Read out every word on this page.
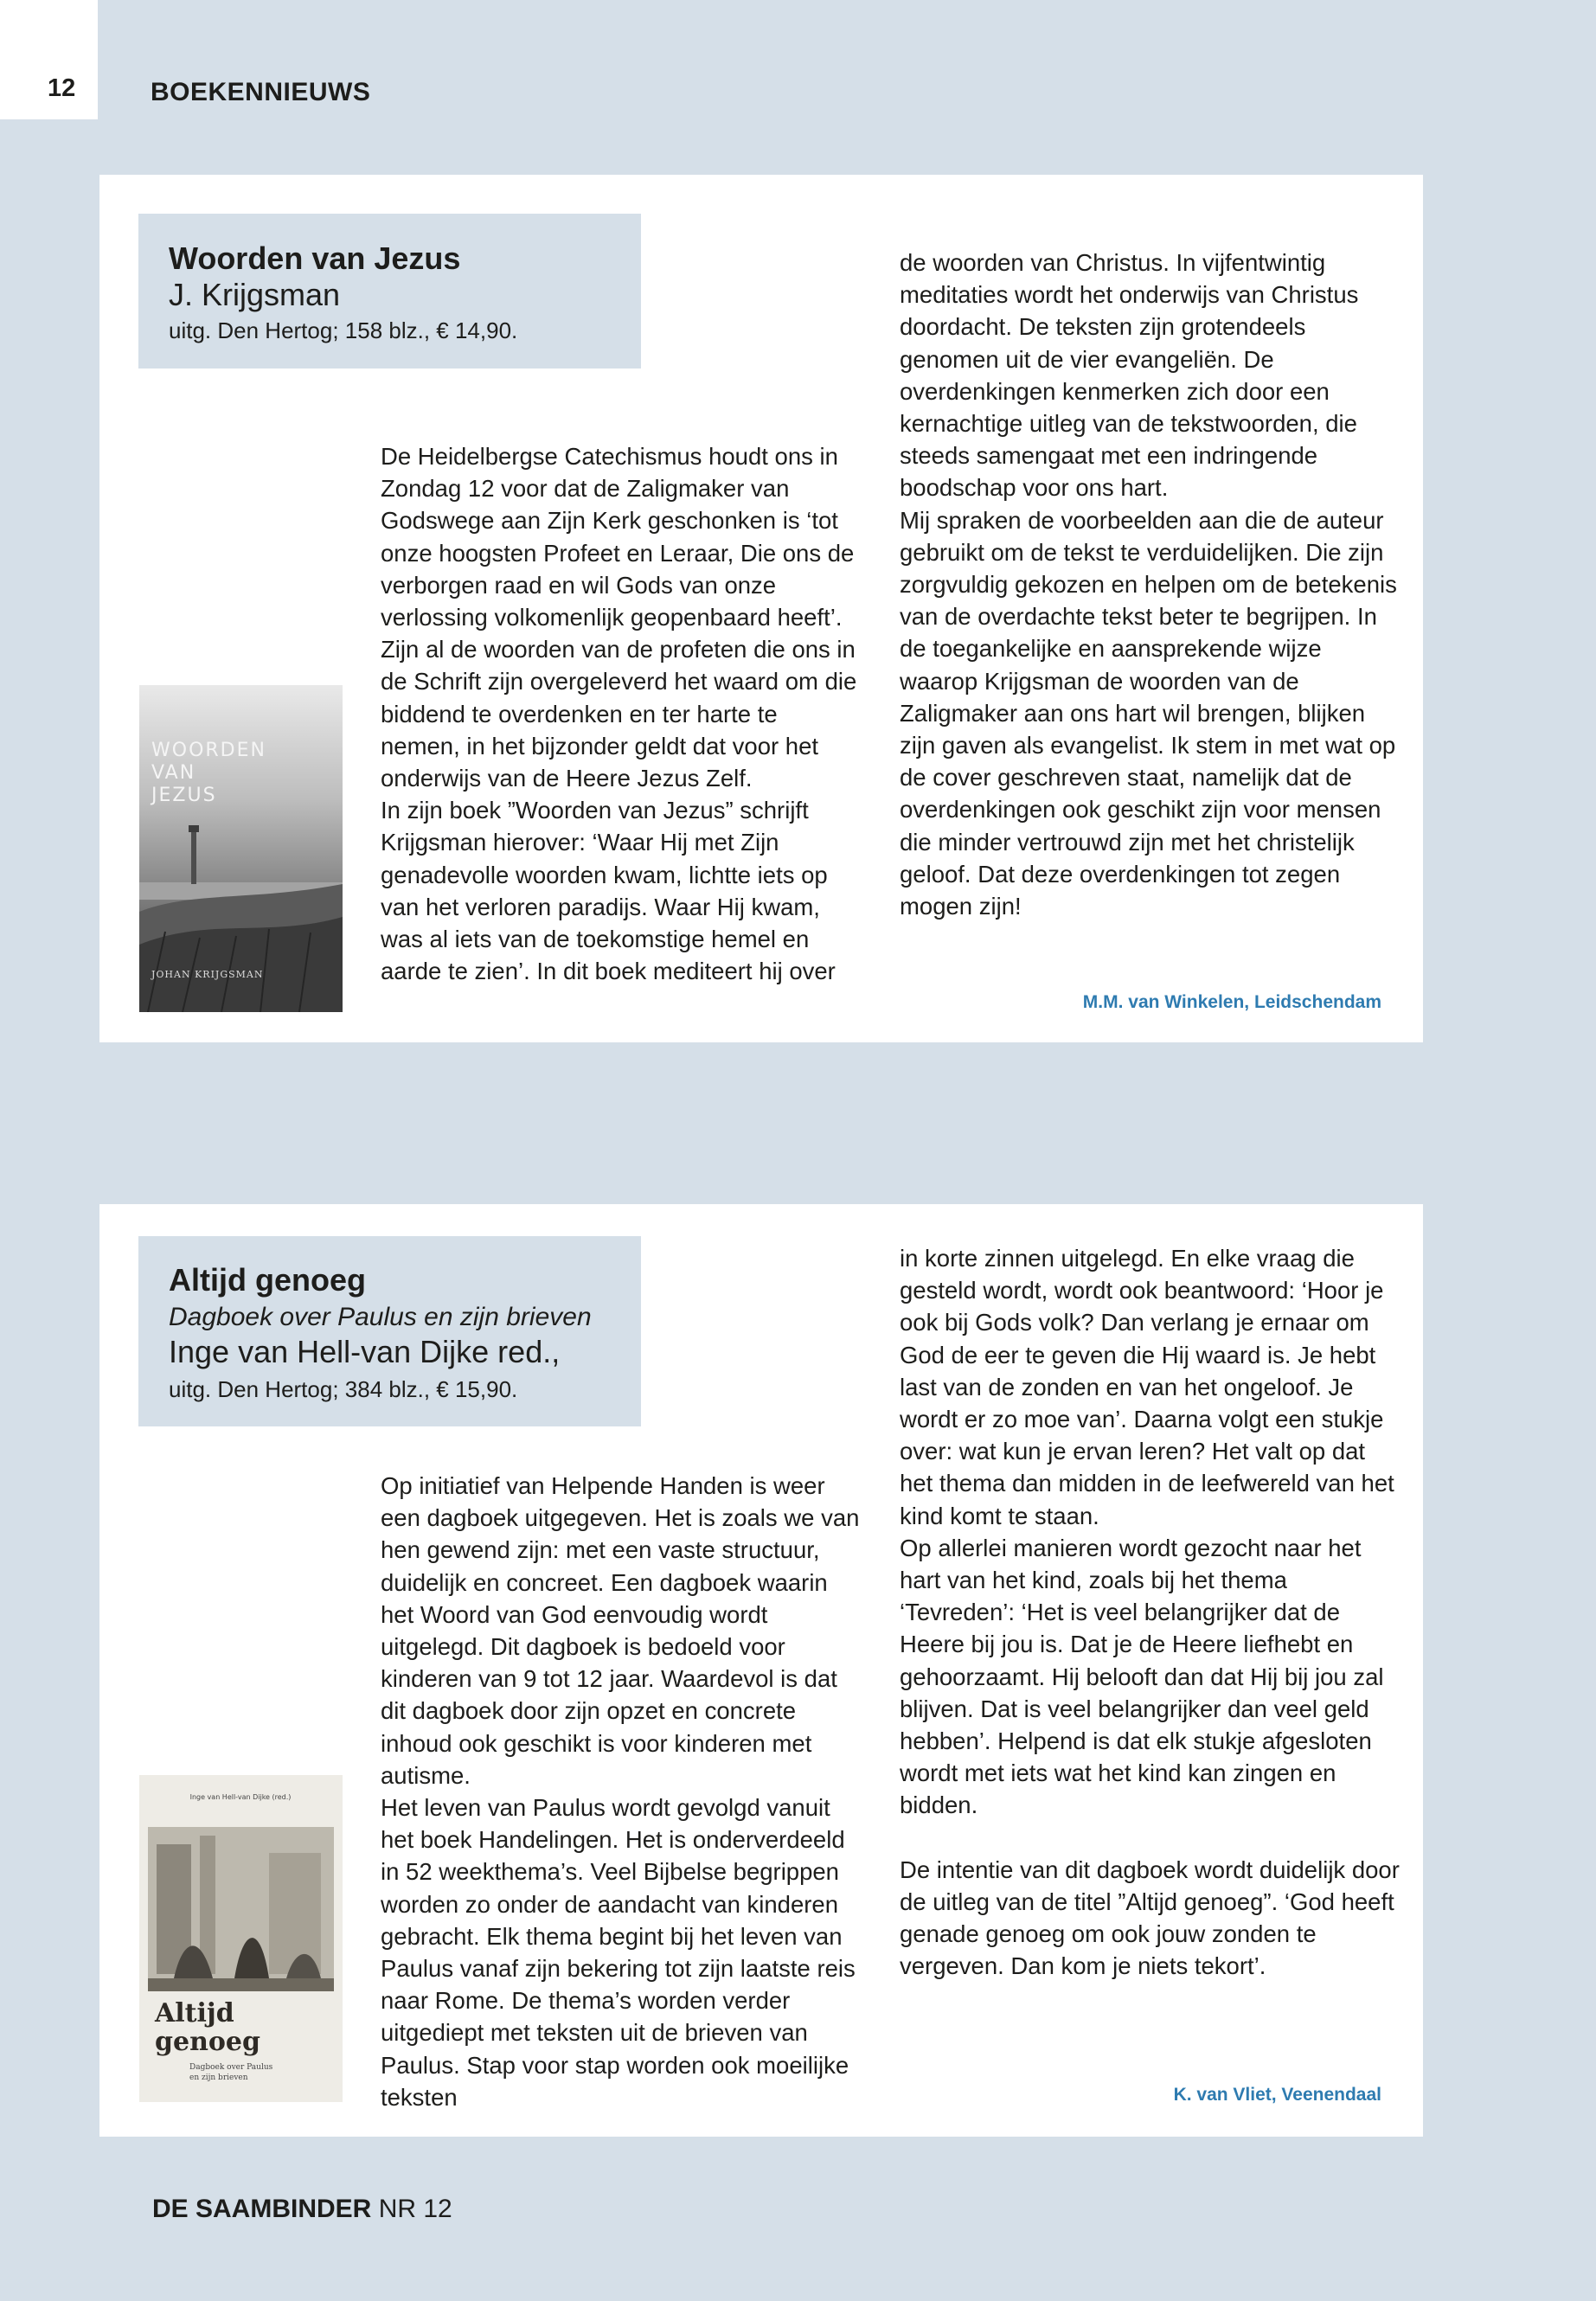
12	BOEKENNIEUWS
Woorden van Jezus
J. Krijgsman
uitg. Den Hertog; 158 blz., € 14,90.
WOORDEN
VAN
JEZUS
JOHAN KRIJGSMAN

De Heidelbergse Catechismus houdt ons in Zondag 12 voor dat de Zaligmaker van Godswege aan Zijn Kerk geschonken is ‘tot onze hoogsten Profeet en Leraar, Die ons de verborgen raad en wil Gods van onze verlossing volkomenlijk geopenbaard heeft’. Zijn al de woorden van de profeten die ons in de Schrift zijn overgeleverd het waard om die biddend te overdenken en ter harte te nemen, in het bijzonder geldt dat voor het onderwijs van de Heere Jezus Zelf.

In zijn boek ”Woorden van Jezus” schrijft Krijgsman hierover: ‘Waar Hij met Zijn genadevolle woorden kwam, lichtte iets op van het verloren paradijs. Waar Hij kwam, was al iets van de toekomstige hemel en aarde te zien’. In dit boek mediteert hij over

de woorden van Christus. In vijfentwintig meditaties wordt het onderwijs van Christus doordacht. De teksten zijn grotendeels genomen uit de vier evangeliën. De overdenkingen kenmerken zich door een kernachtige uitleg van de tekstwoorden, die steeds samengaat met een indringende boodschap voor ons hart.

Mij spraken de voorbeelden aan die de auteur gebruikt om de tekst te verduidelijken. Die zijn zorgvuldig gekozen en helpen om de betekenis van de overdachte tekst beter te begrijpen. In de toegankelijke en aansprekende wijze waarop Krijgsman de woorden van de Zaligmaker aan ons hart wil brengen, blijken zijn gaven als evangelist. Ik stem in met wat op de cover geschreven staat, namelijk dat de overdenkingen ook geschikt zijn voor mensen die minder vertrouwd zijn met het christelijk geloof. Dat deze overdenkingen tot zegen mogen zijn!

M.M. van Winkelen, Leidschendam
Altijd genoeg
Dagboek over Paulus en zijn brieven
Inge van Hell-van Dijke red.,
uitg. Den Hertog; 384 blz., € 15,90.
Inge van Hell-van Dijke (red.)
Altijd
genoeg
Dagboek over Paulus
en zijn brieven

Op initiatief van Helpende Handen is weer een dagboek uitgegeven. Het is zoals we van hen gewend zijn: met een vaste structuur, duidelijk en concreet. Een dagboek waarin het Woord van God eenvoudig wordt uitgelegd. Dit dagboek is bedoeld voor kinderen van 9 tot 12 jaar. Waardevol is dat dit dagboek door zijn opzet en concrete inhoud ook geschikt is voor kinderen met autisme.

Het leven van Paulus wordt gevolgd vanuit het boek Handelingen. Het is onderverdeeld in 52 weekthema’s. Veel Bijbelse begrippen worden zo onder de aandacht van kinderen gebracht. Elk thema begint bij het leven van Paulus vanaf zijn bekering tot zijn laatste reis naar Rome. De thema’s worden verder uitgediept met teksten uit de brieven van Paulus. Stap voor stap worden ook moeilijke teksten

in korte zinnen uitgelegd. En elke vraag die gesteld wordt, wordt ook beantwoord: ‘Hoor je ook bij Gods volk? Dan verlang je ernaar om God de eer te geven die Hij waard is. Je hebt last van de zonden en van het ongeloof. Je wordt er zo moe van’. Daarna volgt een stukje over: wat kun je ervan leren? Het valt op dat het thema dan midden in de leefwereld van het kind komt te staan.

Op allerlei manieren wordt gezocht naar het hart van het kind, zoals bij het thema ‘Tevreden’: ‘Het is veel belangrijker dat de Heere bij jou is. Dat je de Heere liefhebt en gehoorzaamt. Hij belooft dan dat Hij bij jou zal blijven. Dat is veel belangrijker dan veel geld hebben’. Helpend is dat elk stukje afgesloten wordt met iets wat het kind kan zingen en bidden.

De intentie van dit dagboek wordt duidelijk door de uitleg van de titel ”Altijd genoeg”. ‘God heeft genade genoeg om ook jouw zonden te vergeven. Dan kom je niets tekort’.

K. van Vliet, Veenendaal
DE SAAMBINDER NR 12
